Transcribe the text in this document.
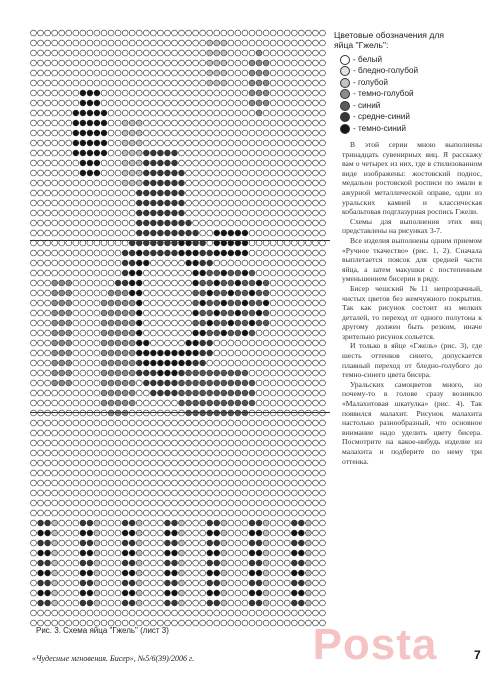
Цветовые обозначения для яйца "Гжель":
- белый
- бледно-голубой
- голубой
- темно-голубой
- синий
- средне-синий
- темно-синий

В этой серии мною выполнены тринадцать сувенирных яиц. Я расскажу вам о четырех из них, где в стилизованном виде изображены: жостовский поднос, медальон ростовской росписи по эмали в ажурной металлической оправе, один из уральских камней и классическая кобальтовая подглазурная роспись Гжели.

Схемы для выполнения этих яиц представлены на рисунках 3-7.

Все изделия выполнены одним приемом «Ручное ткачество» (рис. 1, 2). Сначала выплетается поясок для средней части яйца, а затем макушки с постепенным уменьшением бисерин в ряду.

Бисер чешский №11 непрозрачный, чистых цветов без жемчужного покрытия. Так как рисунок состоит из мелких деталей, то переход от одного полутона к другому должен быть резким, иначе зрительно рисунок сольется.

И только в яйце «Гжель» (рис. 3), где шесть оттенков синего, допускается плавный переход от бледно-голубого до темно-синего цвета бисера.

Уральских самоцветов много, но почему-то в голове сразу возникло «Малахитовая шкатулка» (рис. 4). Так появился малахит. Рисунок малахита настолько разнообразный, что основное внимание надо уделить цвету бисера. Посмотрите на какое-нибудь изделие из малахита и подберите по нему три оттенка.

Рис. 3. Схема яйца "Гжель" (лист 3)
«Чудесные мгновения. Бисер», №5/6(39)/2006 г.	7
Posta
